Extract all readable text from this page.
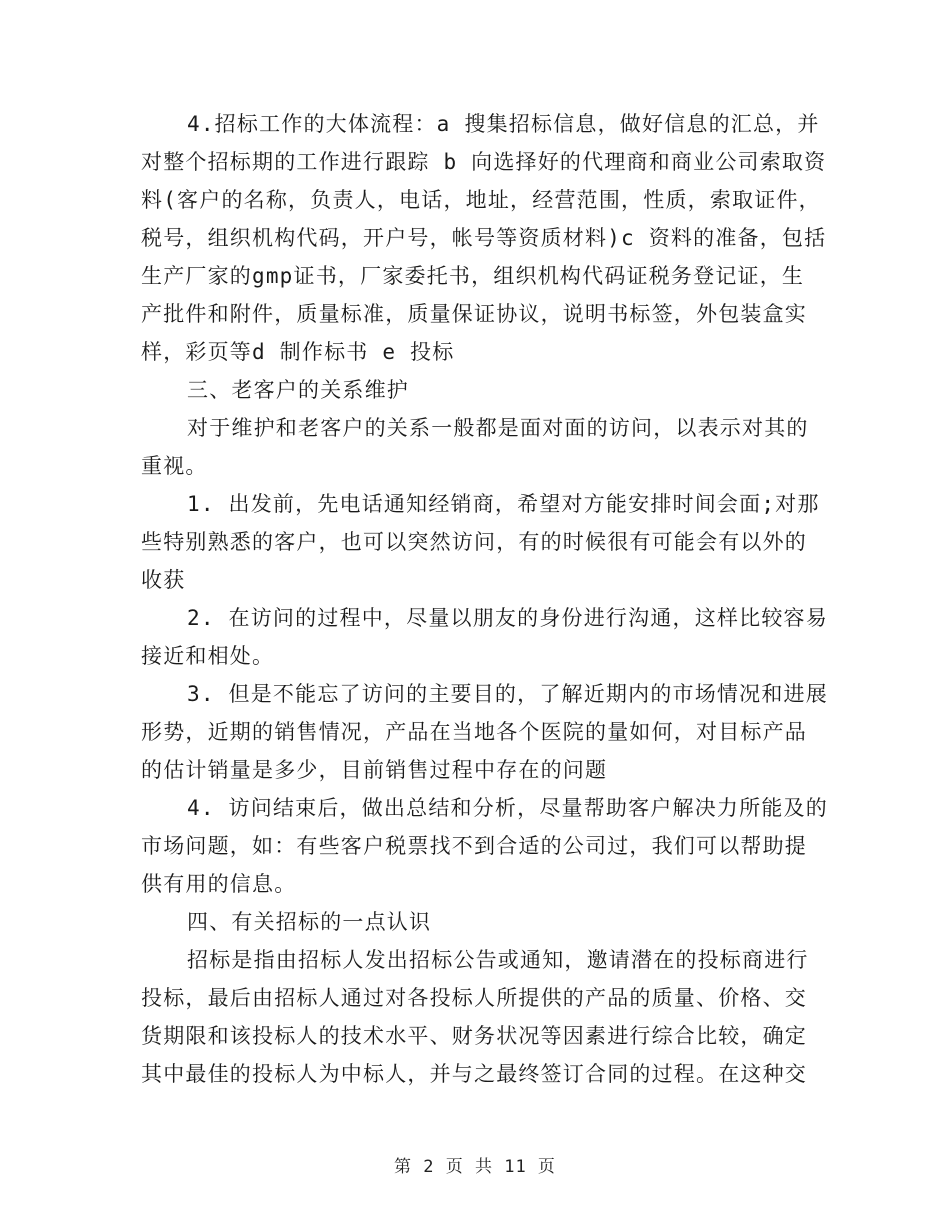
4.招标工作的大体流程：a 搜集招标信息，做好信息的汇总，并
对整个招标期的工作进行跟踪 b 向选择好的代理商和商业公司索取资
料(客户的名称，负责人，电话，地址，经营范围，性质，索取证件，
税号，组织机构代码，开户号，帐号等资质材料)c 资料的准备，包括
生产厂家的gmp证书，厂家委托书，组织机构代码证税务登记证，生
产批件和附件，质量标准，质量保证协议，说明书标签，外包装盒实
样，彩页等d 制作标书 e 投标
三、老客户的关系维护
对于维护和老客户的关系一般都是面对面的访问，以表示对其的
重视。
1. 出发前，先电话通知经销商，希望对方能安排时间会面;对那
些特别熟悉的客户，也可以突然访问，有的时候很有可能会有以外的
收获
2. 在访问的过程中，尽量以朋友的身份进行沟通，这样比较容易
接近和相处。
3. 但是不能忘了访问的主要目的，了解近期内的市场情况和进展
形势，近期的销售情况，产品在当地各个医院的量如何，对目标产品
的估计销量是多少，目前销售过程中存在的问题
4. 访问结束后，做出总结和分析，尽量帮助客户解决力所能及的
市场问题，如：有些客户税票找不到合适的公司过，我们可以帮助提
供有用的信息。
四、有关招标的一点认识
招标是指由招标人发出招标公告或通知，邀请潜在的投标商进行
投标，最后由招标人通过对各投标人所提供的产品的质量、价格、交
货期限和该投标人的技术水平、财务状况等因素进行综合比较，确定
其中最佳的投标人为中标人，并与之最终签订合同的过程。在这种交
第 2 页 共 11 页
